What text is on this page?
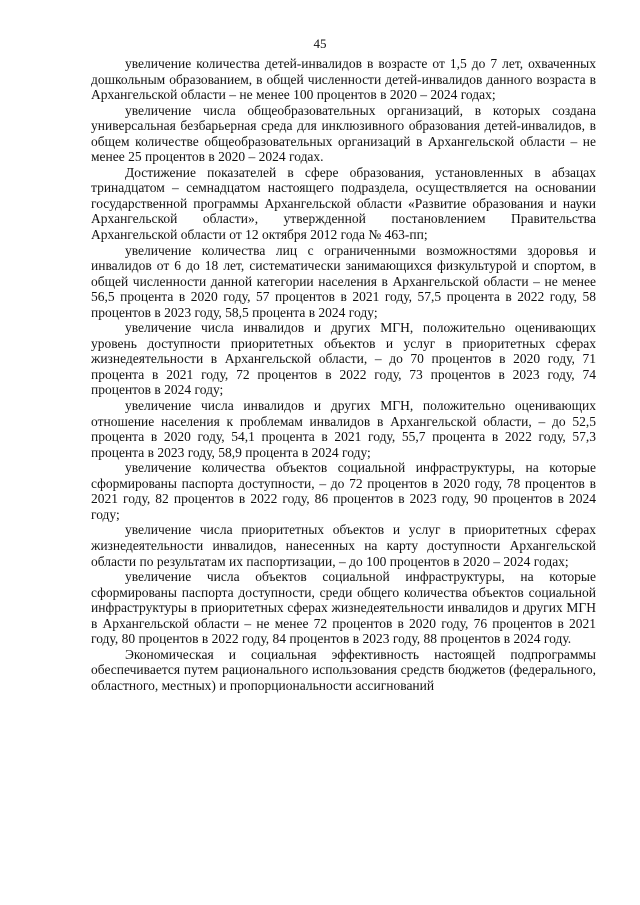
45

увеличение количества детей-инвалидов в возрасте от 1,5 до 7 лет, охваченных дошкольным образованием, в общей численности детей-инвалидов данного возраста в Архангельской области – не менее 100 процентов в 2020 – 2024 годах;

увеличение числа общеобразовательных организаций, в которых создана универсальная безбарьерная среда для инклюзивного образования детей-инвалидов, в общем количестве общеобразовательных организаций в Архангельской области – не менее 25 процентов в 2020 – 2024 годах.

Достижение показателей в сфере образования, установленных в абзацах тринадцатом – семнадцатом настоящего подраздела, осуществляется на основании государственной программы Архангельской области «Развитие образования и науки Архангельской области», утвержденной постановлением Правительства Архангельской области от 12 октября 2012 года № 463-пп;

увеличение количества лиц с ограниченными возможностями здоровья и инвалидов от 6 до 18 лет, систематически занимающихся физкультурой и спортом, в общей численности данной категории населения в Архангельской области – не менее 56,5 процента в 2020 году, 57 процентов в 2021 году, 57,5 процента в 2022 году, 58 процентов в 2023 году, 58,5 процента в 2024 году;

увеличение числа инвалидов и других МГН, положительно оценивающих уровень доступности приоритетных объектов и услуг в приоритетных сферах жизнедеятельности в Архангельской области, – до 70 процентов в 2020 году, 71 процента в 2021 году, 72 процентов в 2022 году, 73 процентов в 2023 году, 74 процентов в 2024 году;

увеличение числа инвалидов и других МГН, положительно оценивающих отношение населения к проблемам инвалидов в Архангельской области, – до 52,5 процента в 2020 году, 54,1 процента в 2021 году, 55,7 процента в 2022 году, 57,3 процента в 2023 году, 58,9 процента в 2024 году;

увеличение количества объектов социальной инфраструктуры, на которые сформированы паспорта доступности, – до 72 процентов в 2020 году, 78 процентов в 2021 году, 82 процентов в 2022 году, 86 процентов в 2023 году, 90 процентов в 2024 году;

увеличение числа приоритетных объектов и услуг в приоритетных сферах жизнедеятельности инвалидов, нанесенных на карту доступности Архангельской области по результатам их паспортизации, – до 100 процентов в 2020 – 2024 годах;

увеличение числа объектов социальной инфраструктуры, на которые сформированы паспорта доступности, среди общего количества объектов социальной инфраструктуры в приоритетных сферах жизнедеятельности инвалидов и других МГН в Архангельской области – не менее 72 процентов в 2020 году, 76 процентов в 2021 году, 80 процентов в 2022 году, 84 процентов в 2023 году, 88 процентов в 2024 году.

Экономическая и социальная эффективность настоящей подпрограммы обеспечивается путем рационального использования средств бюджетов (федерального, областного, местных) и пропорциональности ассигнований
